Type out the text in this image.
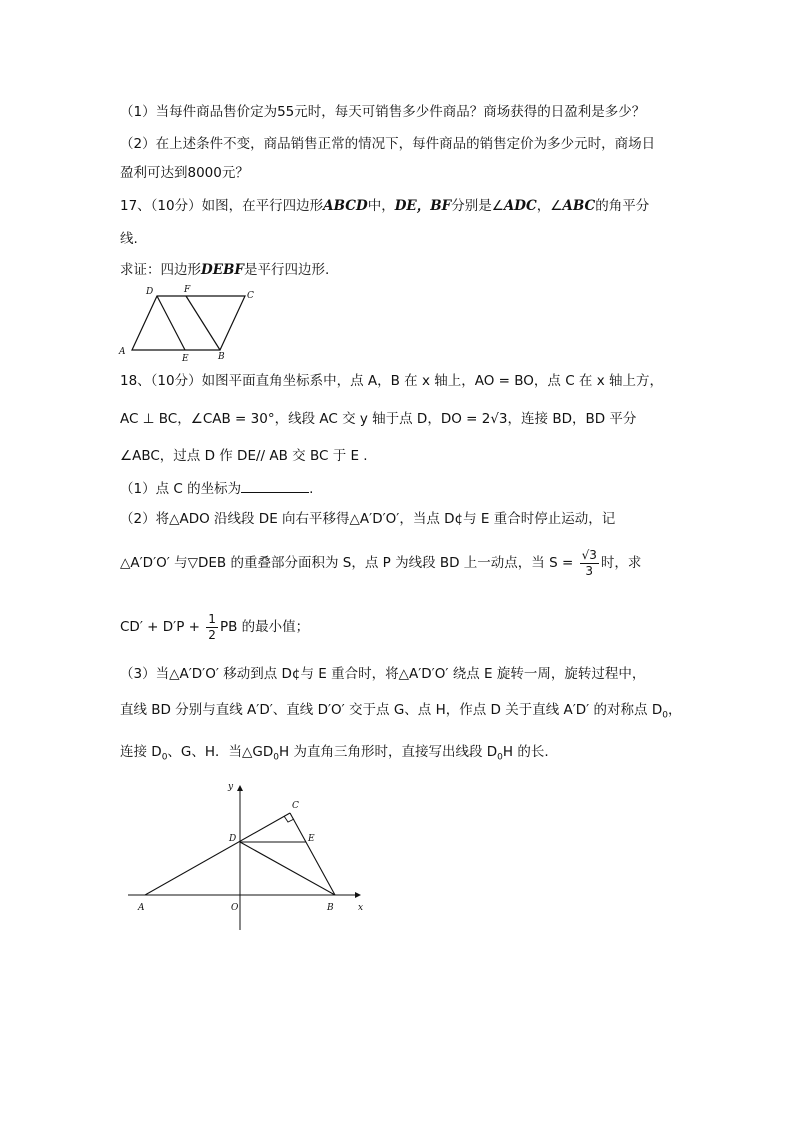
（1）当每件商品售价定为55元时，每天可销售多少件商品？商场获得的日盈利是多少？
（2）在上述条件不变，商品销售正常的情况下，每件商品的销售定价为多少元时，商场日
盈利可达到8000元？
17、（10分）如图，在平行四边形ABCD中，DE，BF分别是∠ADC，∠ABC的角平分
线.
求证：四边形DEBF是平行四边形.
D	F
C
A
E	B
18、（10分）如图平面直角坐标系中，点 A，B 在 x 轴上，AO = BO，点 C 在 x 轴上方，
AC ⊥ BC，∠CAB = 30°，线段 AC 交 y 轴于点 D，DO = 2√3，连接 BD，BD 平分
∠ABC，过点 D 作 DE// AB 交 BC 于 E .
（1）点 C 的坐标为	.
（2）将△ADO 沿线段 DE 向右平移得△A′D′O′，当点 D¢与 E 重合时停止运动，记
△A′D′O′ 与▽DEB 的重叠部分面积为 S，点 P 为线段 BD 上一动点，当 $S = \frac{√3}{3}$ 时，求
$CD' + D'P + \frac{1}{2}$ PB 的最小值；
（3）当△A′D′O′ 移动到点 D¢与 E 重合时，将△A′D′O′ 绕点 E 旋转一周，旋转过程中，
直线 BD 分别与直线 A′D′、直线 D′O′ 交于点 G、点 H，作点 D 关于直线 A′D′ 的对称点 $D_0$，
连接 $D_0$、G、H．当$\triangle GD_0H$ 为直角三角形时，直接写出线段 $D_0H$ 的长.
y
C
D	E
A	O	B	x
